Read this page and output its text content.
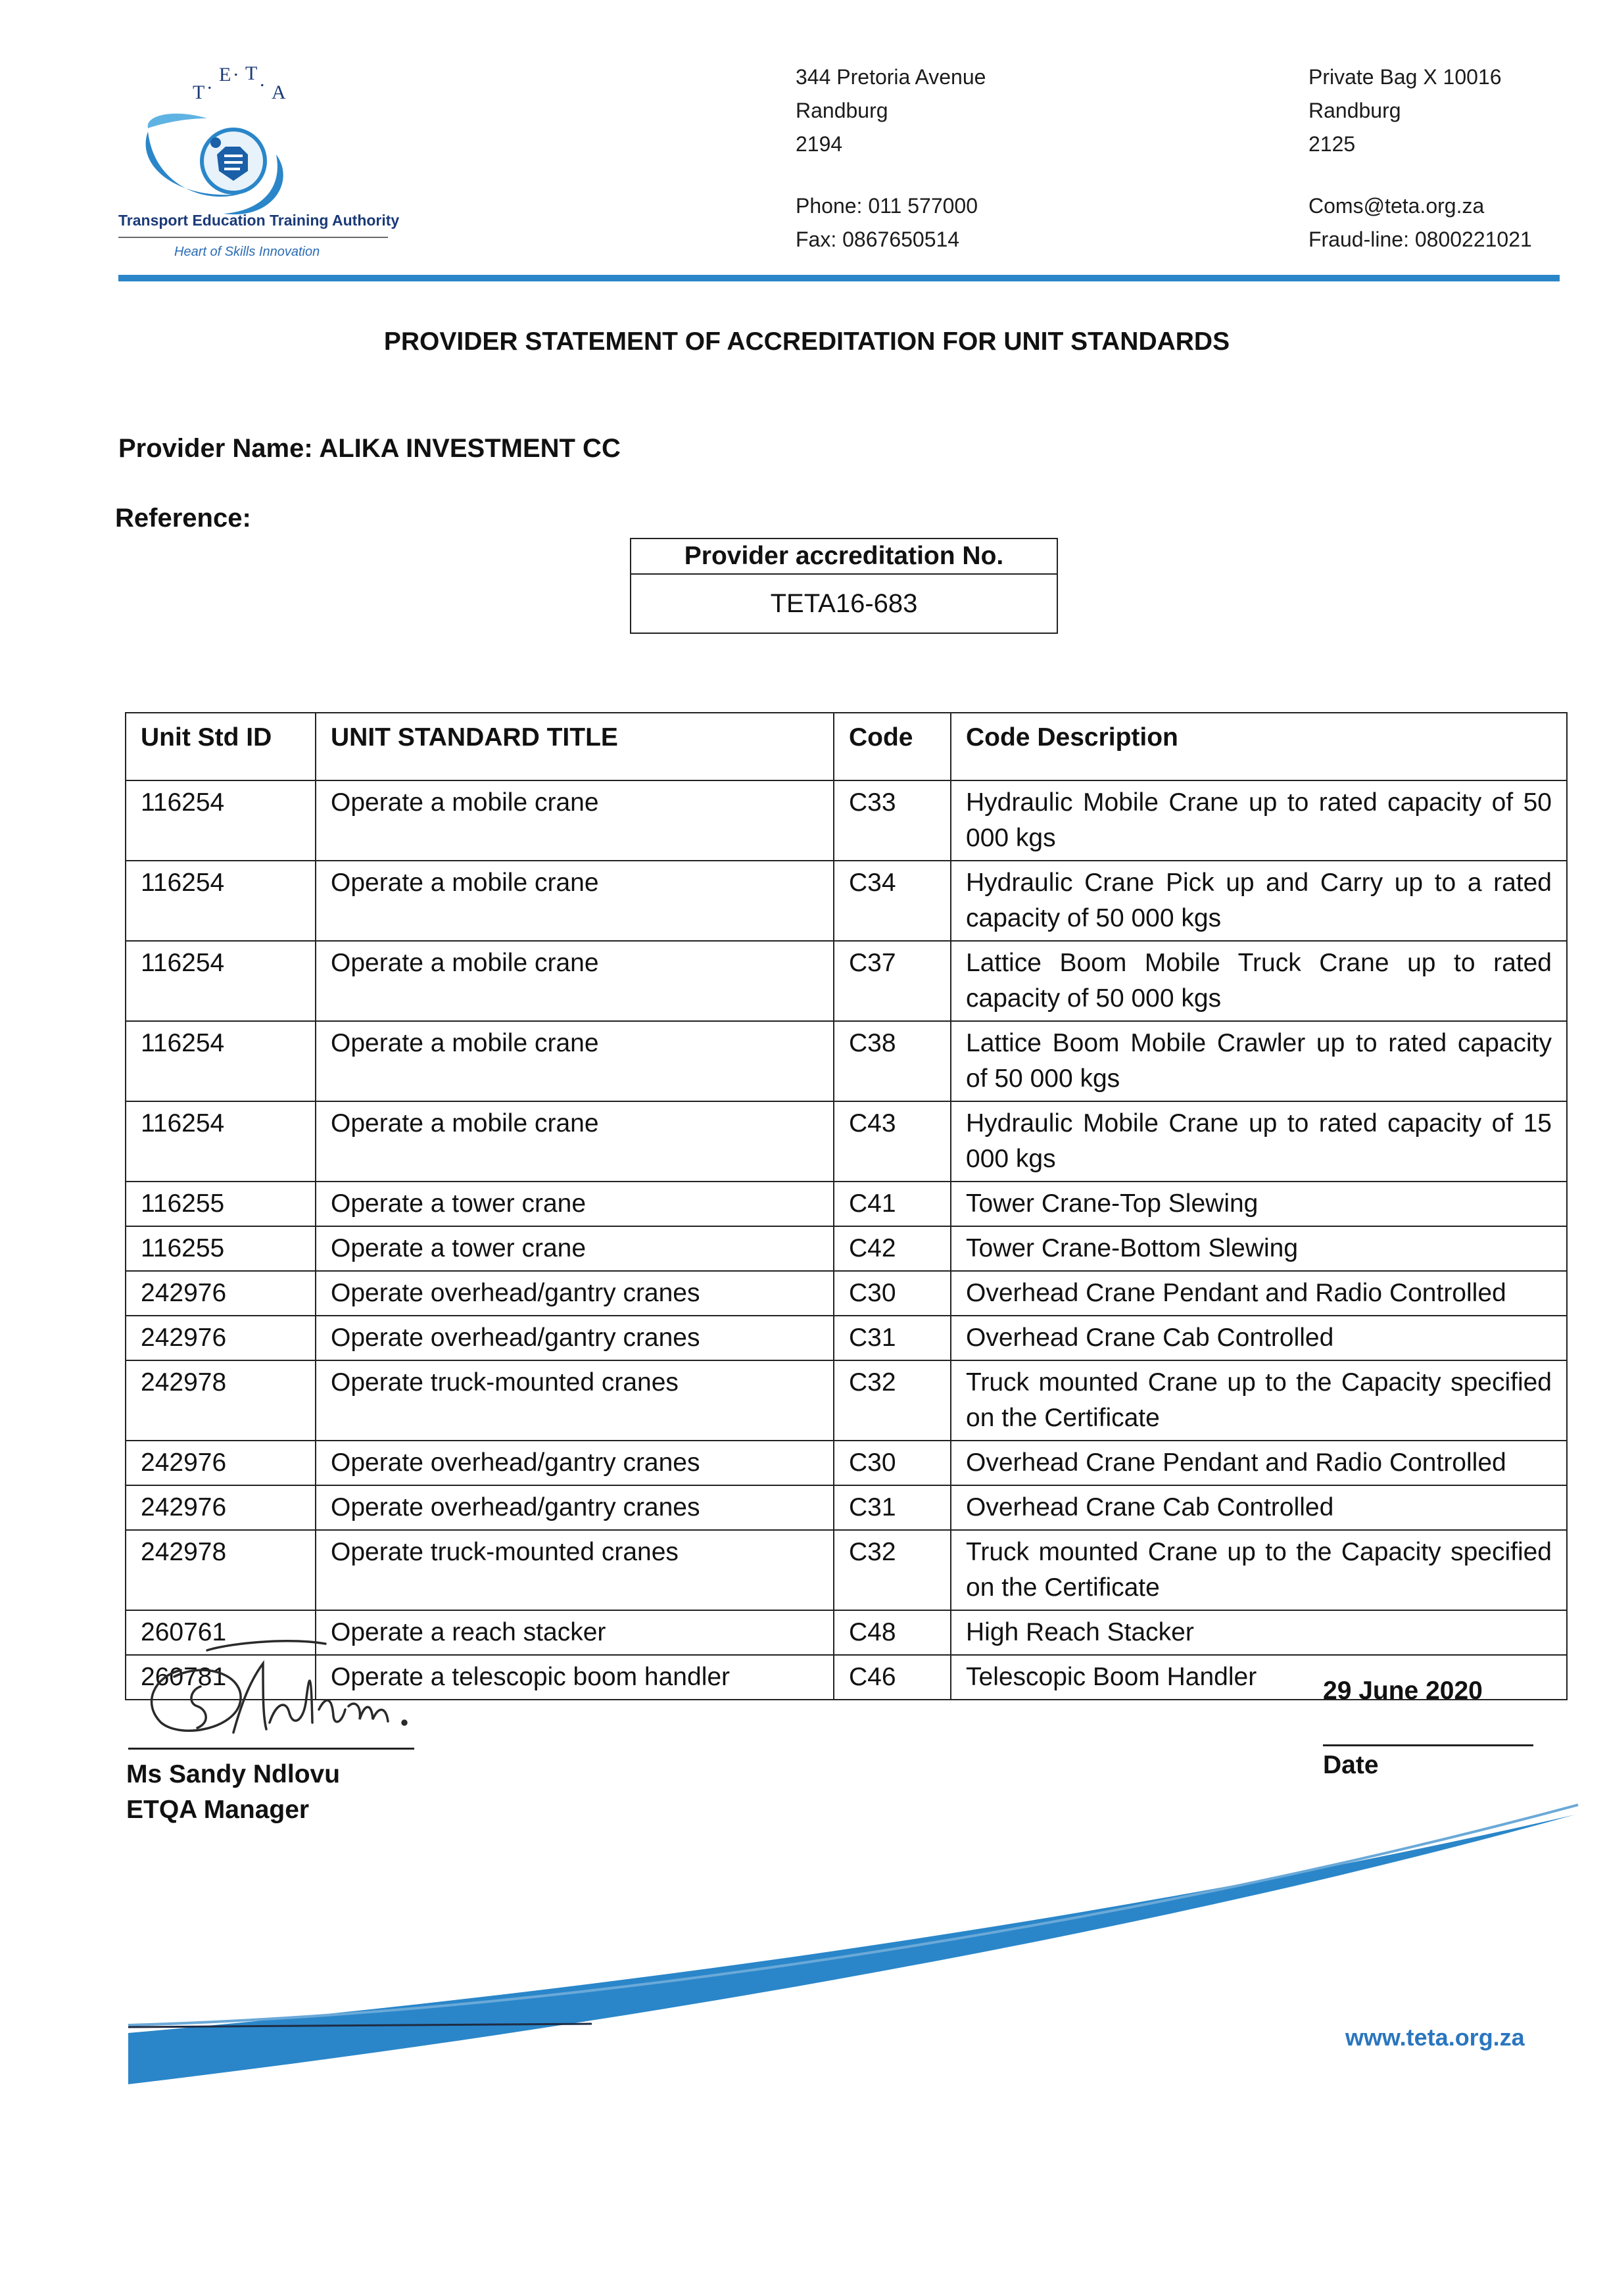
T . E . T .
A
Transport Education Training Authority
Heart of Skills Innovation
344 Pretoria Avenue
Randburg
2194
Phone: 011 577000
Fax: 0867650514
Private Bag X 10016
Randburg
2125
Coms@teta.org.za
Fraud-line: 0800221021
PROVIDER STATEMENT OF ACCREDITATION FOR UNIT STANDARDS
Provider Name: ALIKA INVESTMENT CC
Reference:
Provider accreditation No.
TETA16-683
Unit Std ID	UNIT STANDARD TITLE	Code	Code Description
116254	Operate a mobile crane	C33	Hydraulic Mobile Crane up to rated capacity of 50 000 kgs
116254	Operate a mobile crane	C34	Hydraulic Crane Pick up and Carry up to a rated capacity of 50 000 kgs
116254	Operate a mobile crane	C37	Lattice Boom Mobile Truck Crane up to rated capacity of 50 000 kgs
116254	Operate a mobile crane	C38	Lattice Boom Mobile Crawler up to rated capacity of 50 000 kgs
116254	Operate a mobile crane	C43	Hydraulic Mobile Crane up to rated capacity of 15 000 kgs
116255	Operate a tower crane	C41	Tower Crane-Top Slewing
116255	Operate a tower crane	C42	Tower Crane-Bottom Slewing
242976	Operate overhead/gantry cranes	C30	Overhead Crane Pendant and Radio Controlled
242976	Operate overhead/gantry cranes	C31	Overhead Crane Cab Controlled
242978	Operate truck-mounted cranes	C32	Truck mounted Crane up to the Capacity specified on the Certificate
242976	Operate overhead/gantry cranes	C30	Overhead Crane Pendant and Radio Controlled
242976	Operate overhead/gantry cranes	C31	Overhead Crane Cab Controlled
242978	Operate truck-mounted cranes	C32	Truck mounted Crane up to the Capacity specified on the Certificate
260761	Operate a reach stacker	C48	High Reach Stacker
260781	Operate a telescopic boom handler	C46	Telescopic Boom Handler
Ms Sandy Ndlovu
ETQA Manager
29 June 2020
Date
www.teta.org.za
